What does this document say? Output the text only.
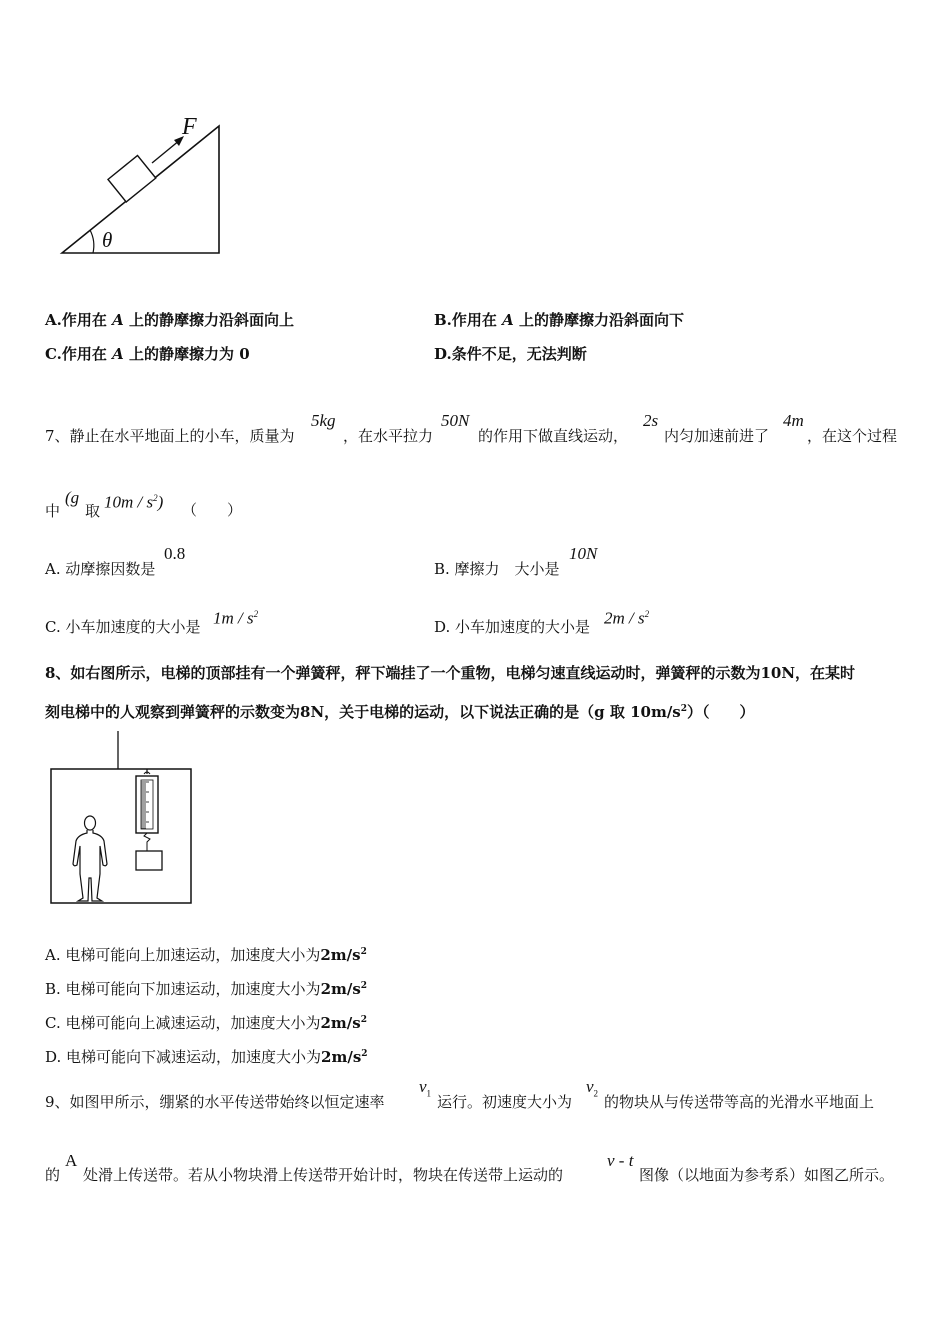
F
θ
A.作用在 A 上的静摩擦力沿斜面向上	B.作用在 A 上的静摩擦力沿斜面向下
C.作用在 A 上的静摩擦力为 0	D.条件不足，无法判断
7、静止在水平地面上的小车，质量为
5kg
，在水平拉力
50N
的作用下做直线运动，
2s
内匀加速前进了
4m
，在这个过程
中
(g
取 $10m / s^2$) （　　）
A. 动摩擦因数是
0.8
B. 摩擦力　大小是
10N
C. 小车加速度的大小是 $1m / s^2$
D. 小车加速度的大小是 $2m / s^2$
8、如右图所示，电梯的顶部挂有一个弹簧秤，秤下端挂了一个重物，电梯匀速直线运动时，弹簧秤的示数为10N，在某时
刻电梯中的人观察到弹簧秤的示数变为8N，关于电梯的运动，以下说法正确的是（g 取 $10m/s^2$）（　　）
A. 电梯可能向上加速运动，加速度大小为$2m/s^2$
B. 电梯可能向下加速运动，加速度大小为$2m/s^2$
C. 电梯可能向上减速运动，加速度大小为$2m/s^2$
D. 电梯可能向下减速运动，加速度大小为$2m/s^2$
9、如图甲所示，绷紧的水平传送带始终以恒定速率
$v_1$ 运行。初速度大小为
$v_2$ 的物块从与传送带等高的光滑水平地面上
的
A
处滑上传送带。若从小物块滑上传送带开始计时，物块在传送带上运动的
v - t
图像（以地面为参考系）如图乙所示。
